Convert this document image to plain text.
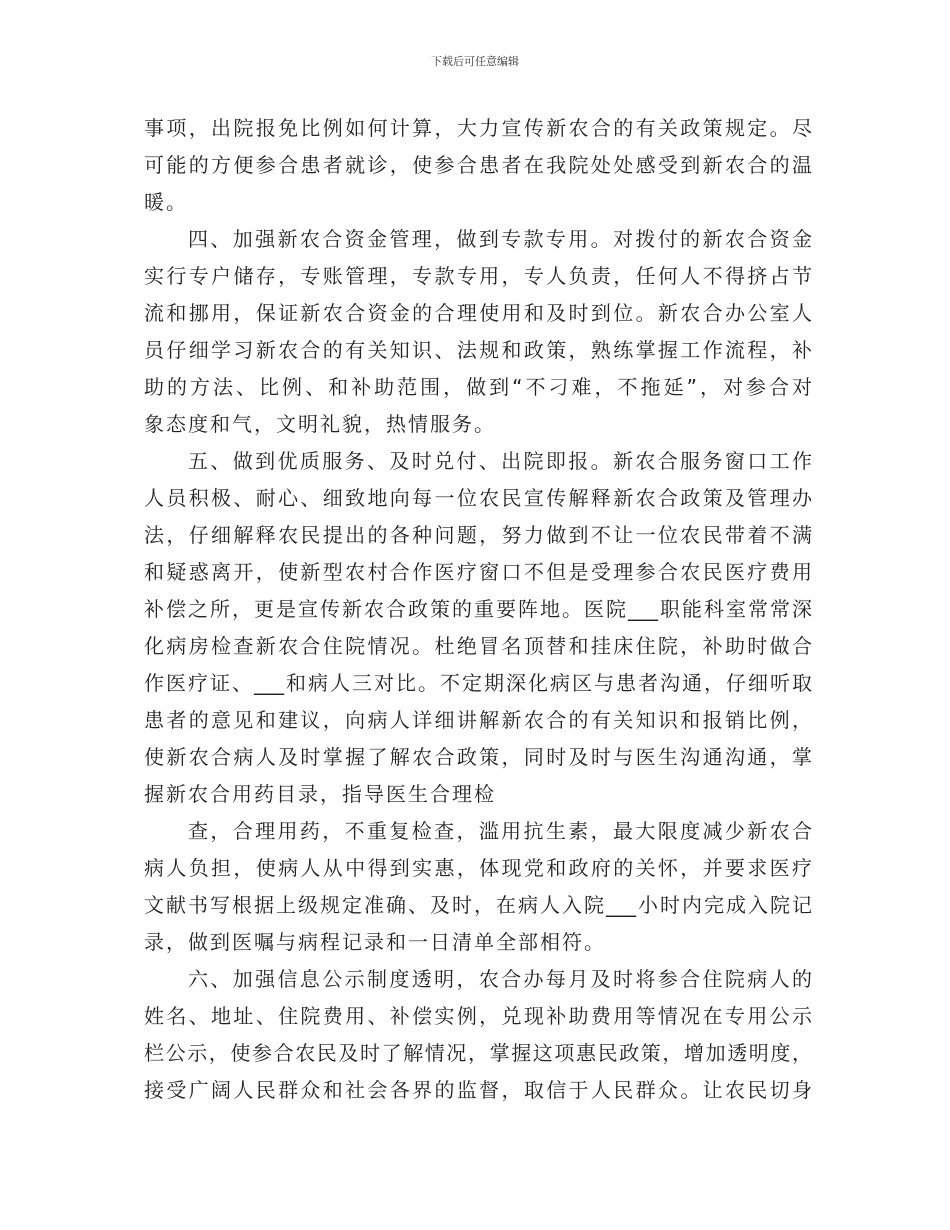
下载后可任意编辑
事项，出院报免比例如何计算，大力宣传新农合的有关政策规定。尽
可能的方便参合患者就诊，使参合患者在我院处处感受到新农合的温
暖。
四、加强新农合资金管理，做到专款专用。对拨付的新农合资金
实行专户储存，专账管理，专款专用，专人负责，任何人不得挤占节
流和挪用，保证新农合资金的合理使用和及时到位。新农合办公室人
员仔细学习新农合的有关知识、法规和政策，熟练掌握工作流程，补
助的方法、比例、和补助范围，做到“不刁难，不拖延”，对参合对
象态度和气，文明礼貌，热情服务。
五、做到优质服务、及时兑付、出院即报。新农合服务窗口工作
人员积极、耐心、细致地向每一位农民宣传解释新农合政策及管理办
法，仔细解释农民提出的各种问题，努力做到不让一位农民带着不满
和疑惑离开，使新型农村合作医疗窗口不但是受理参合农民医疗费用
补偿之所，更是宣传新农合政策的重要阵地。医院___职能科室常常深
化病房检查新农合住院情况。杜绝冒名顶替和挂床住院，补助时做合
作医疗证、___和病人三对比。不定期深化病区与患者沟通，仔细听取
患者的意见和建议，向病人详细讲解新农合的有关知识和报销比例，
使新农合病人及时掌握了解农合政策，同时及时与医生沟通沟通，掌
握新农合用药目录，指导医生合理检
查，合理用药，不重复检查，滥用抗生素，最大限度减少新农合
病人负担，使病人从中得到实惠，体现党和政府的关怀，并要求医疗
文献书写根据上级规定准确、及时，在病人入院___小时内完成入院记
录，做到医嘱与病程记录和一日清单全部相符。
六、加强信息公示制度透明，农合办每月及时将参合住院病人的
姓名、地址、住院费用、补偿实例，兑现补助费用等情况在专用公示
栏公示，使参合农民及时了解情况，掌握这项惠民政策，增加透明度，
接受广阔人民群众和社会各界的监督，取信于人民群众。让农民切身
